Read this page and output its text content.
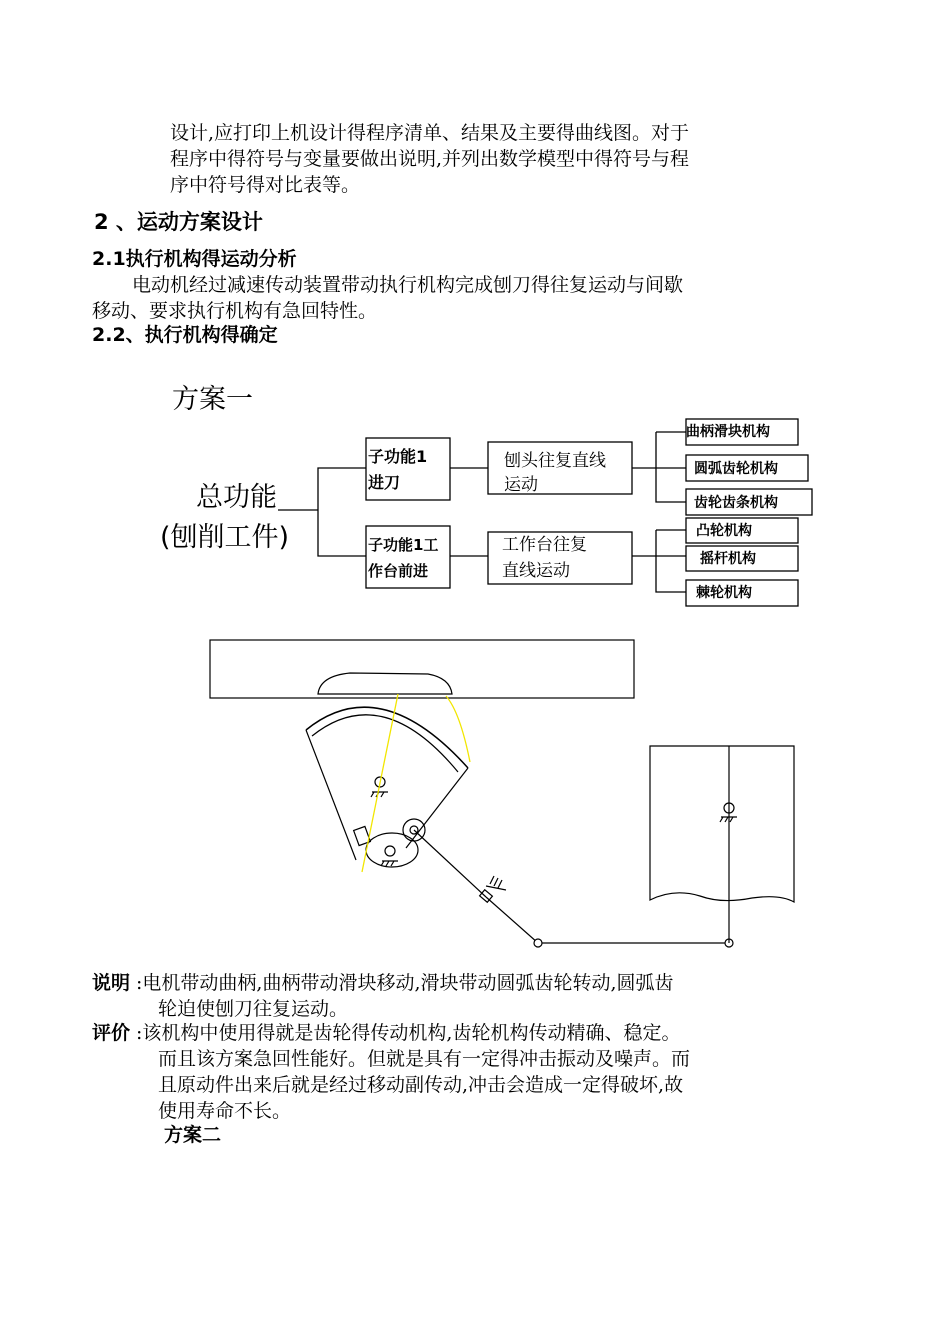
设计,应打印上机设计得程序清单、结果及主要得曲线图。对于
程序中得符号与变量要做出说明,并列出数学模型中得符号与程
序中符号得对比表等。
2 、运动方案设计
2.1执行机构得运动分析
电动机经过减速传动装置带动执行机构完成刨刀得往复运动与间歇
移动、要求执行机构有急回特性。
2.2、执行机构得确定
方案一
总功能
(刨削工件)
子功能1
进刀
子功能1工
作台前进
刨头往复直线
运动
工作台往复
直线运动
曲柄滑块机构
圆弧齿轮机构
齿轮齿条机构
凸轮机构
摇杆机构
棘轮机构
说明 :电机带动曲柄,曲柄带动滑块移动,滑块带动圆弧齿轮转动,圆弧齿
轮迫使刨刀往复运动。
评价 :该机构中使用得就是齿轮得传动机构,齿轮机构传动精确、稳定。
而且该方案急回性能好。但就是具有一定得冲击振动及噪声。而
且原动件出来后就是经过移动副传动,冲击会造成一定得破坏,故
使用寿命不长。
方案二
